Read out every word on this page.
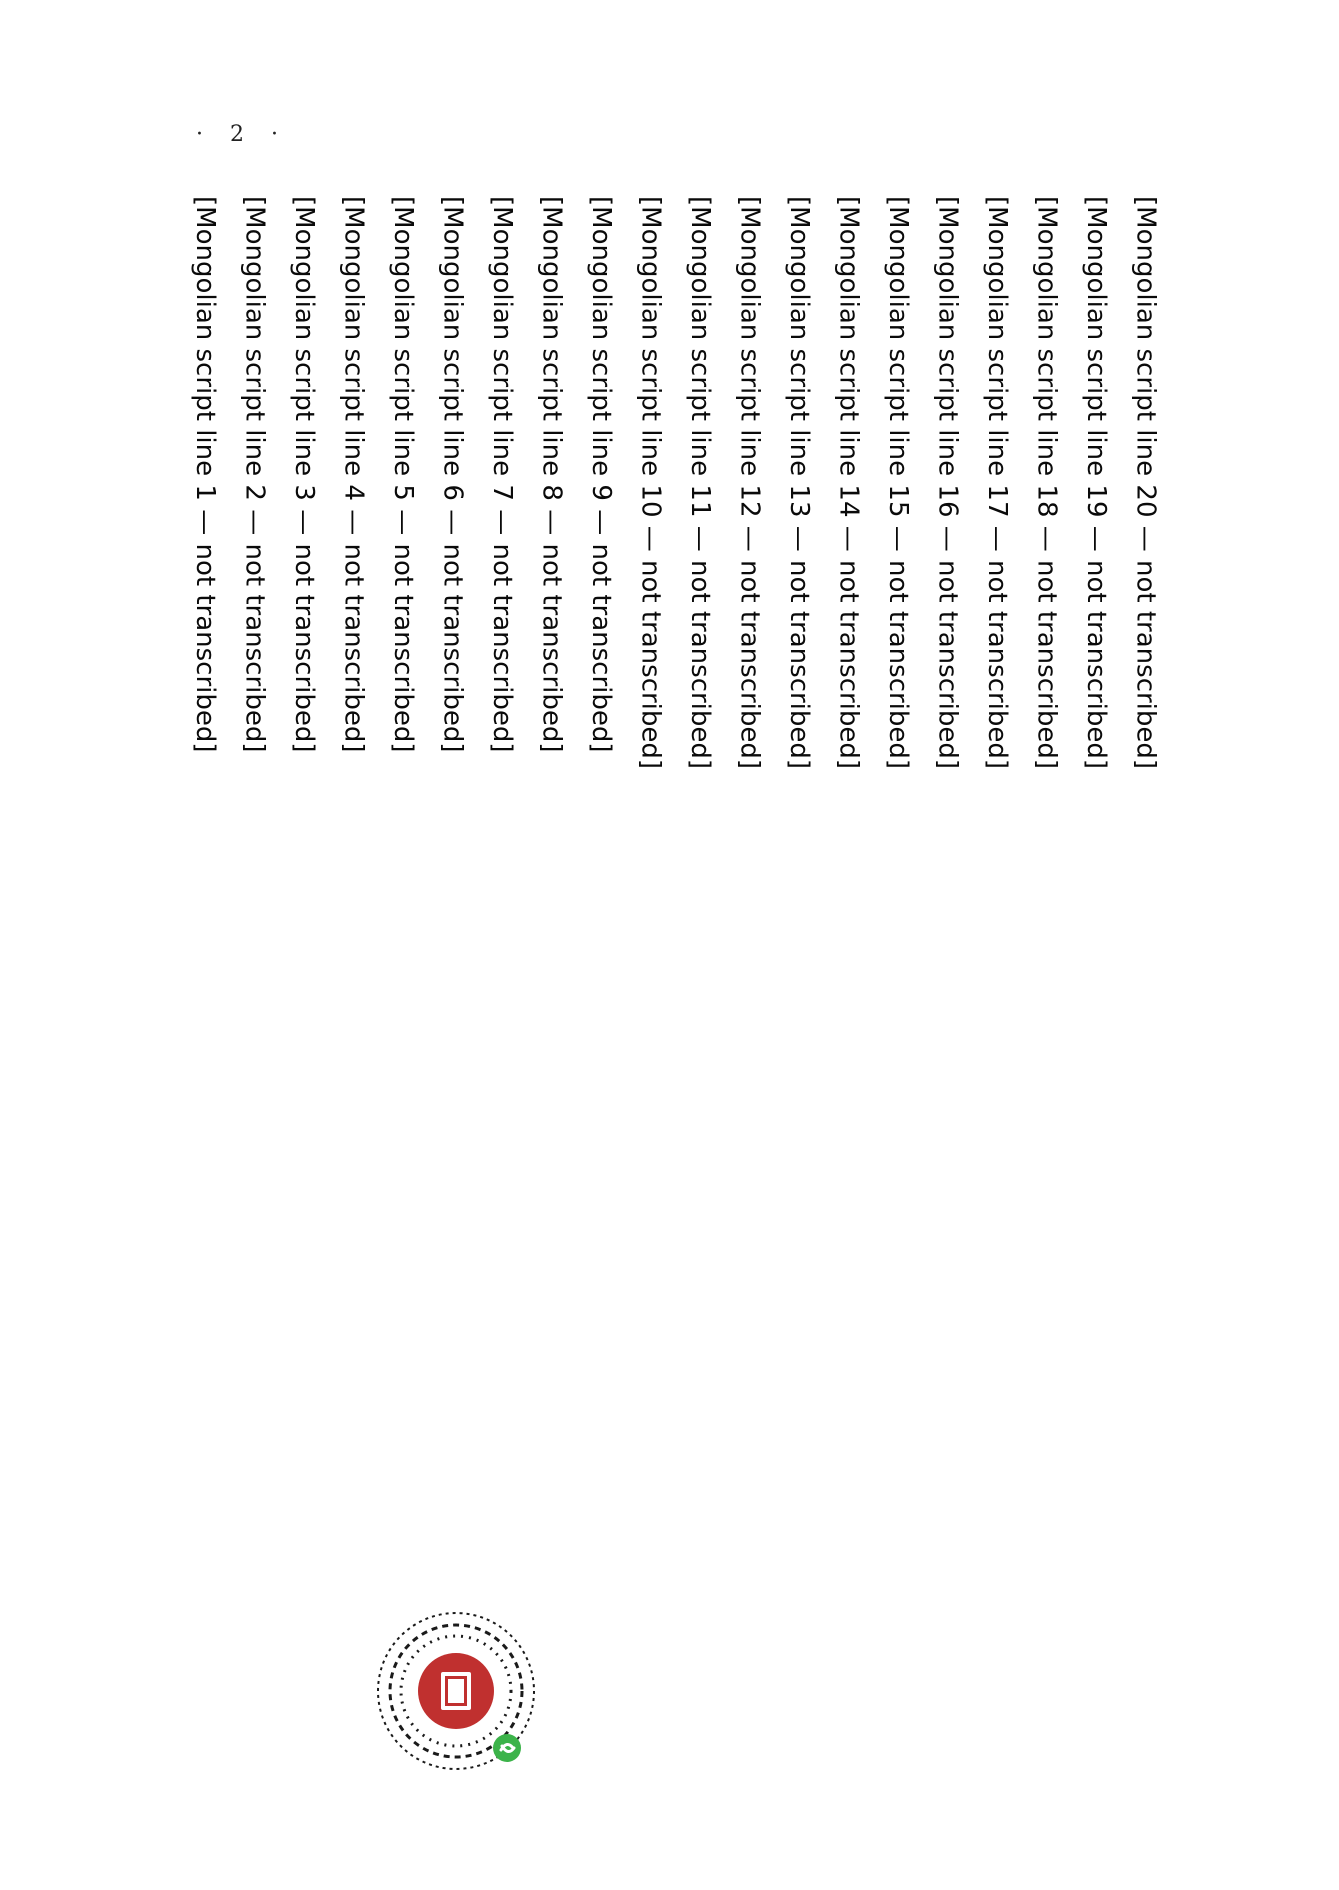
· 2 ·
[Mongolian script line 1 — not transcribed] [Mongolian script line 2 — not transcribed] [Mongolian script line 3 — not transcribed] [Mongolian script line 4 — not transcribed] [Mongolian script line 5 — not transcribed] [Mongolian script line 6 — not transcribed] [Mongolian script line 7 — not transcribed] [Mongolian script line 8 — not transcribed] [Mongolian script line 9 — not transcribed] [Mongolian script line 10 — not transcribed] [Mongolian script line 11 — not transcribed] [Mongolian script line 12 — not transcribed] [Mongolian script line 13 — not transcribed] [Mongolian script line 14 — not transcribed] [Mongolian script line 15 — not transcribed] [Mongolian script line 16 — not transcribed] [Mongolian script line 17 — not transcribed] [Mongolian script line 18 — not transcribed] [Mongolian script line 19 — not transcribed] [Mongolian script line 20 — not transcribed]
